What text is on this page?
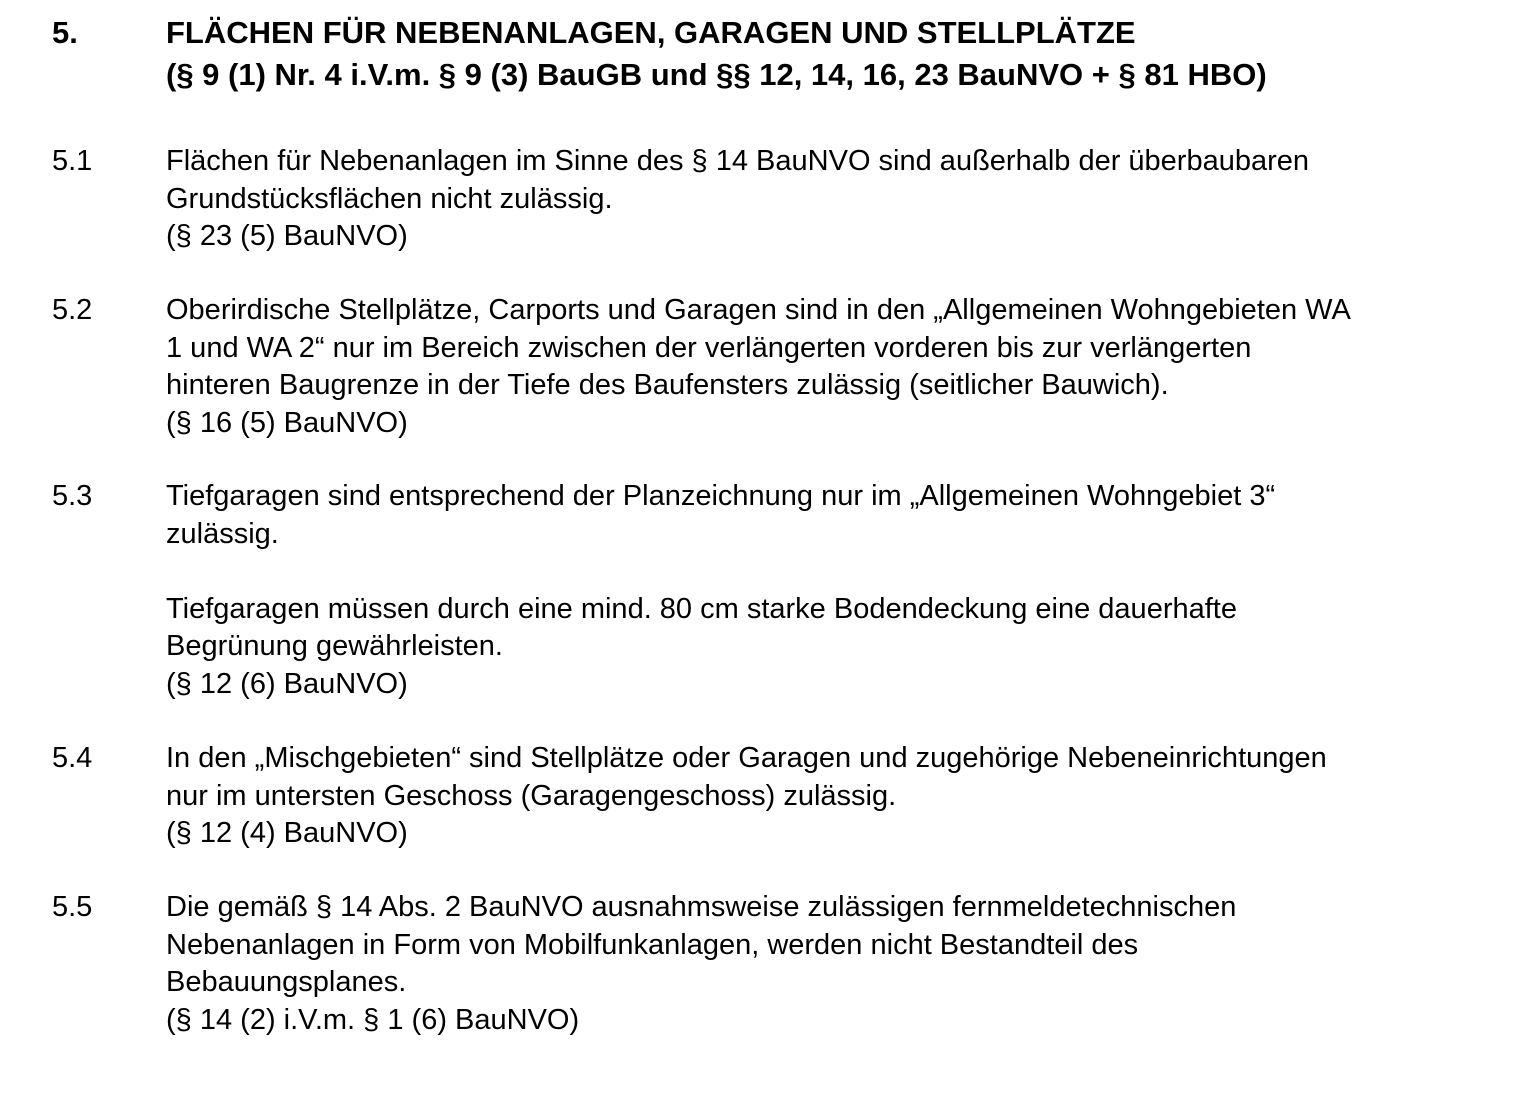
5.	FLÄCHEN FÜR NEBENANLAGEN, GARAGEN UND STELLPLÄTZE
(§ 9 (1) Nr. 4 i.V.m. § 9 (3) BauGB und §§ 12, 14, 16, 23 BauNVO + § 81 HBO)
5.1	Flächen für Nebenanlagen im Sinne des § 14 BauNVO sind außerhalb der überbaubaren
Grundstücksflächen nicht zulässig.
(§ 23 (5) BauNVO)
5.2	Oberirdische Stellplätze, Carports und Garagen sind in den „Allgemeinen Wohngebieten WA
1 und WA 2“ nur im Bereich zwischen der verlängerten vorderen bis zur verlängerten
hinteren Baugrenze in der Tiefe des Baufensters zulässig (seitlicher Bauwich).
(§ 16 (5) BauNVO)
5.3	Tiefgaragen sind entsprechend der Planzeichnung nur im „Allgemeinen Wohngebiet 3“
zulässig.
Tiefgaragen müssen durch eine mind. 80 cm starke Bodendeckung eine dauerhafte
Begrünung gewährleisten.
(§ 12 (6) BauNVO)
5.4	In den „Mischgebieten“ sind Stellplätze oder Garagen und zugehörige Nebeneinrichtungen
nur im untersten Geschoss (Garagengeschoss) zulässig.
(§ 12 (4) BauNVO)
5.5	Die gemäß § 14 Abs. 2 BauNVO ausnahmsweise zulässigen fernmeldetechnischen
Nebenanlagen in Form von Mobilfunkanlagen, werden nicht Bestandteil des
Bebauungsplanes.
(§ 14 (2) i.V.m. § 1 (6) BauNVO)
